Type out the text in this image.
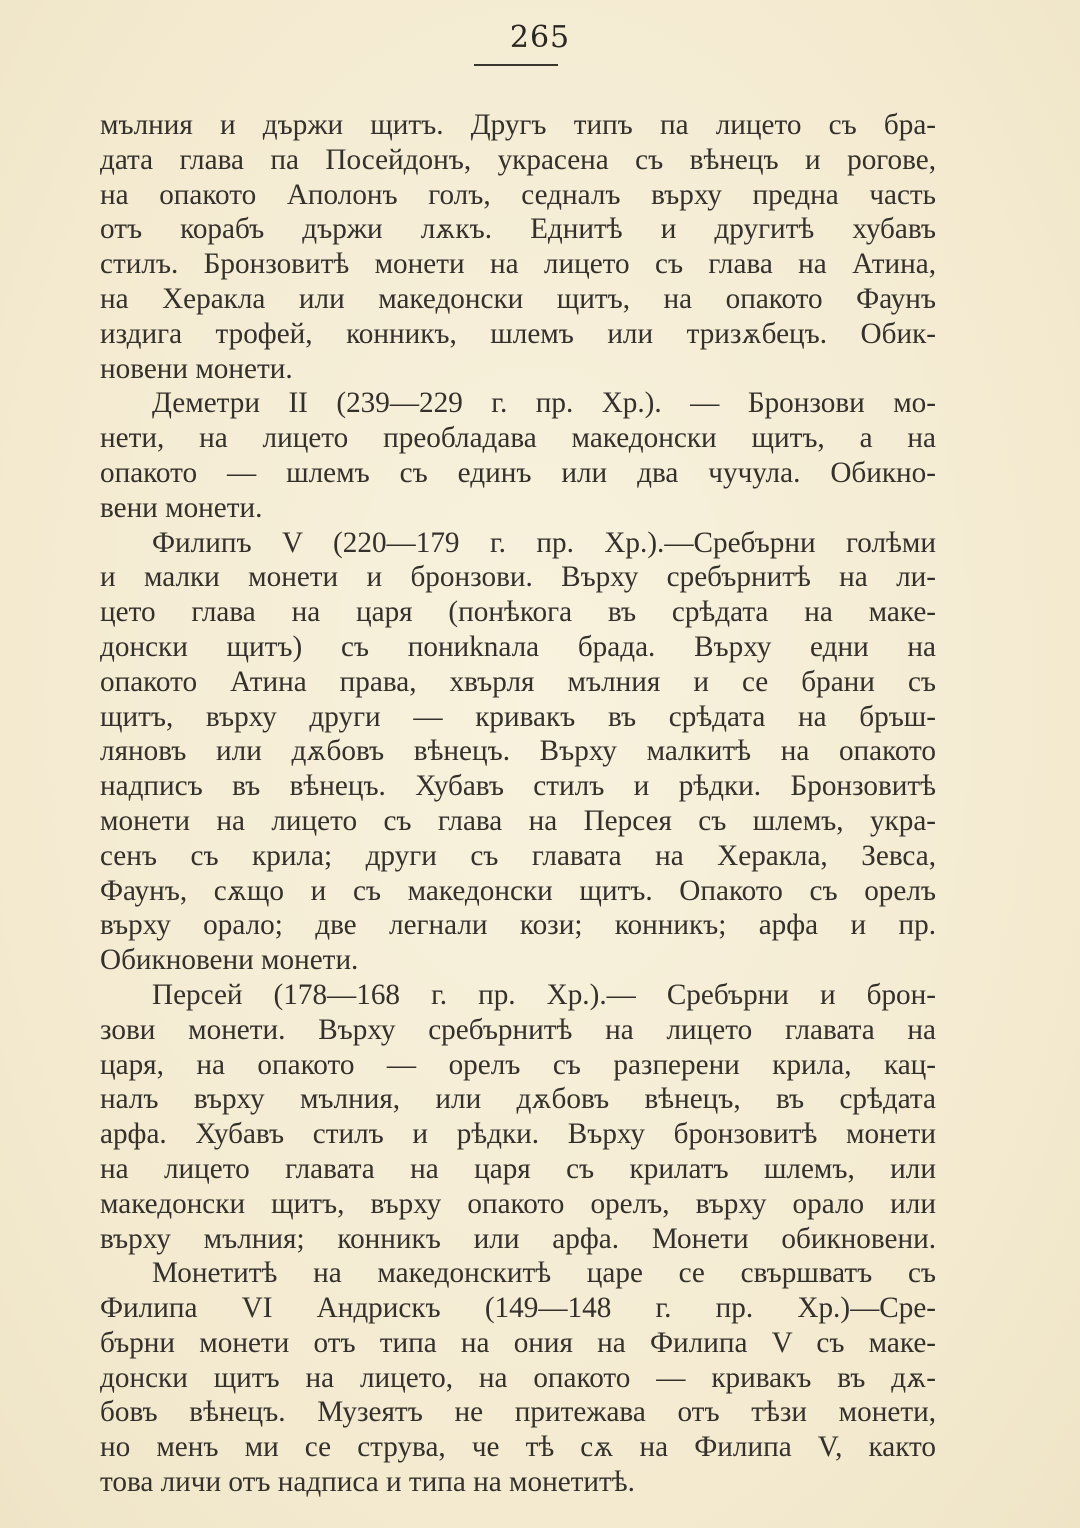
265
мълния и държи щитъ. Другъ типъ па лицето съ бра-
дата глава па Посейдонъ, украсена съ вѣнецъ и рогове,
на опакото Аполонъ голъ, седналъ върху предна часть
отъ корабъ държи лѫкъ. Еднитѣ и другитѣ хубавъ
стилъ. Бронзовитѣ монети на лицето съ глава на Атина,
на Херакла или македонски щитъ, на опакото Фаунъ
издига трофей, конникъ, шлемъ или тризѫбецъ. Обик-
новени монети.
Деметри II (239—229 г. пр. Хр.). — Бронзови мо-
нети, на лицето преобладава македонски щитъ, а на
опакото — шлемъ съ единъ или два чучула. Обикно-
вени монети.
Филипъ V (220—179 г. пр. Хр.).—Сребърни голѣми
и малки монети и бронзови. Върху сребърнитѣ на ли-
цето глава на царя (понѣкога въ срѣдата на маке-
донски щитъ) съ пониknала брада. Върху едни на
опакото Атина права, хвърля мълния и се брани съ
щитъ, върху други — кривакъ въ срѣдата на бръш-
ляновъ или дѫбовъ вѣнецъ. Върху малкитѣ на опакото
надписъ въ вѣнецъ. Хубавъ стилъ и рѣдки. Бронзовитѣ
монети на лицето съ глава на Персея съ шлемъ, укра-
сенъ съ крила; други съ главата на Херакла, Зевса,
Фаунъ, сѫщо и съ македонски щитъ. Опакото съ орелъ
върху орало; две легнали кози; конникъ; арфа и пр.
Обикновени монети.
Персей (178—168 г. пр. Хр.).— Сребърни и брон-
зови монети. Върху сребърнитѣ на лицето главата на
царя, на опакото — орелъ съ разперени крила, кац-
налъ върху мълния, или дѫбовъ вѣнецъ, въ срѣдата
арфа. Хубавъ стилъ и рѣдки. Върху бронзовитѣ монети
на лицето главата на царя съ крилатъ шлемъ, или
македонски щитъ, върху опакото орелъ, върху орало или
върху мълния; конникъ или арфа. Монети обикновени.
Монетитѣ на македонскитѣ царе се свършватъ съ
Филипа VI Андрискъ (149—148 г. пр. Хр.)—Сре-
бърни монети отъ типа на ония на Филипа V съ маке-
донски щитъ на лицето, на опакото — кривакъ въ дѫ-
бовъ вѣнецъ. Музеятъ не притежава отъ тѣзи монети,
но менъ ми се струва, че тѣ сѫ на Филипа V, както
това личи отъ надписа и типа на монетитѣ.
